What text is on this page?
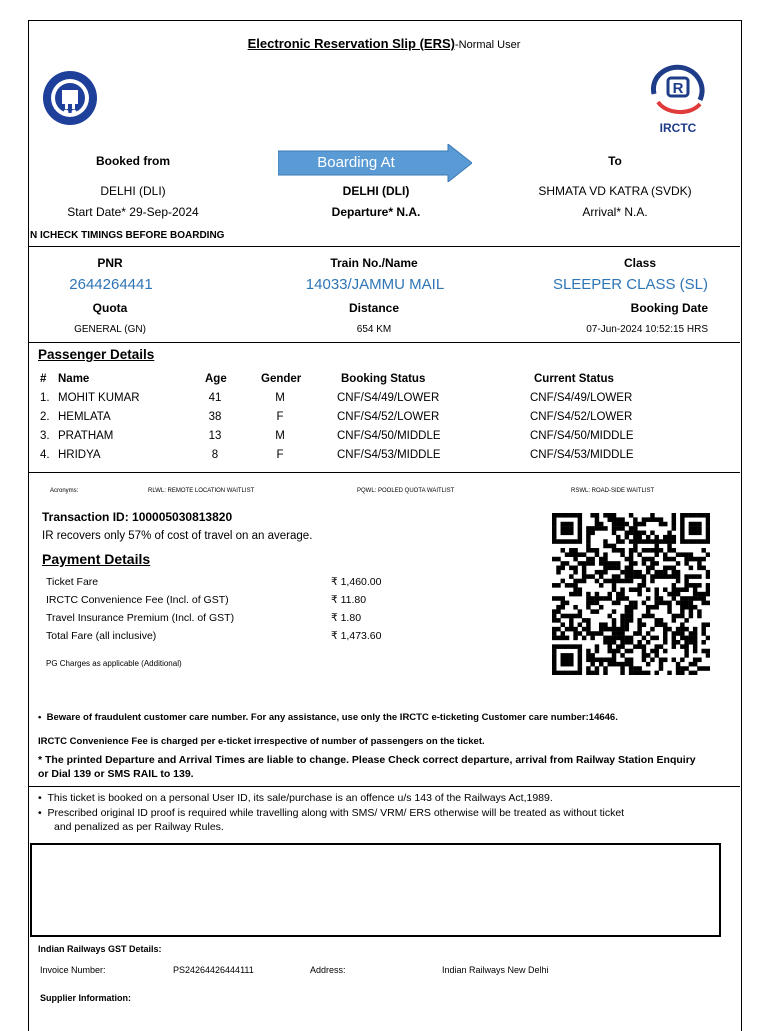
Electronic Reservation Slip (ERS)-Normal User
R
IRCTC
Booked from	Boarding At	To
DELHI (DLI)	DELHI (DLI)	SHMATA VD KATRA (SVDK)
Start Date* 29-Sep-2024	Departure* N.A.	Arrival* N.A.
N ICHECK TIMINGS BEFORE BOARDING
PNR	Train No./Name	Class
2644264441	14033/JAMMU MAIL	SLEEPER CLASS (SL)
Quota	Distance	Booking Date
GENERAL (GN)	654 KM	07-Jun-2024 10:52:15 HRS
Passenger Details
# Name	Age	Gender	Booking Status	Current Status
1. MOHIT KUMAR	41	M	CNF/S4/49/LOWER	CNF/S4/49/LOWER
2. HEMLATA	38	F	CNF/S4/52/LOWER	CNF/S4/52/LOWER
3. PRATHAM	13	M	CNF/S4/50/MIDDLE	CNF/S4/50/MIDDLE
4. HRIDYA	8	F	CNF/S4/53/MIDDLE	CNF/S4/53/MIDDLE
Acronyms:	RLWL: REMOTE LOCATION WAITLIST	PQWL: POOLED QUOTA WAITLIST	RSWL: ROAD-SIDE WAITLIST
Transaction ID: 100005030813820
IR recovers only 57% of cost of travel on an average.
Payment Details
Ticket Fare	₹ 1,460.00
IRCTC Convenience Fee (Incl. of GST)	₹ 11.80
Travel Insurance Premium (Incl. of GST)	₹ 1.80
Total Fare (all inclusive)	₹ 1,473.60
PG Charges as applicable (Additional)
•  Beware of fraudulent customer care number. For any assistance, use only the IRCTC e-ticketing Customer care number:14646.
IRCTC Convenience Fee is charged per e-ticket irrespective of number of passengers on the ticket.
* The printed Departure and Arrival Times are liable to change. Please Check correct departure, arrival from Railway Station Enquiry
or Dial 139 or SMS RAIL to 139.
•  This ticket is booked on a personal User ID, its sale/purchase is an offence u/s 143 of the Railways Act,1989.
•  Prescribed original ID proof is required while travelling along with SMS/ VRM/ ERS otherwise will be treated as without ticket
and penalized as per Railway Rules.
Indian Railways GST Details:
Invoice Number:	PS24264426444111	Address:	Indian Railways New Delhi
Supplier Information:
